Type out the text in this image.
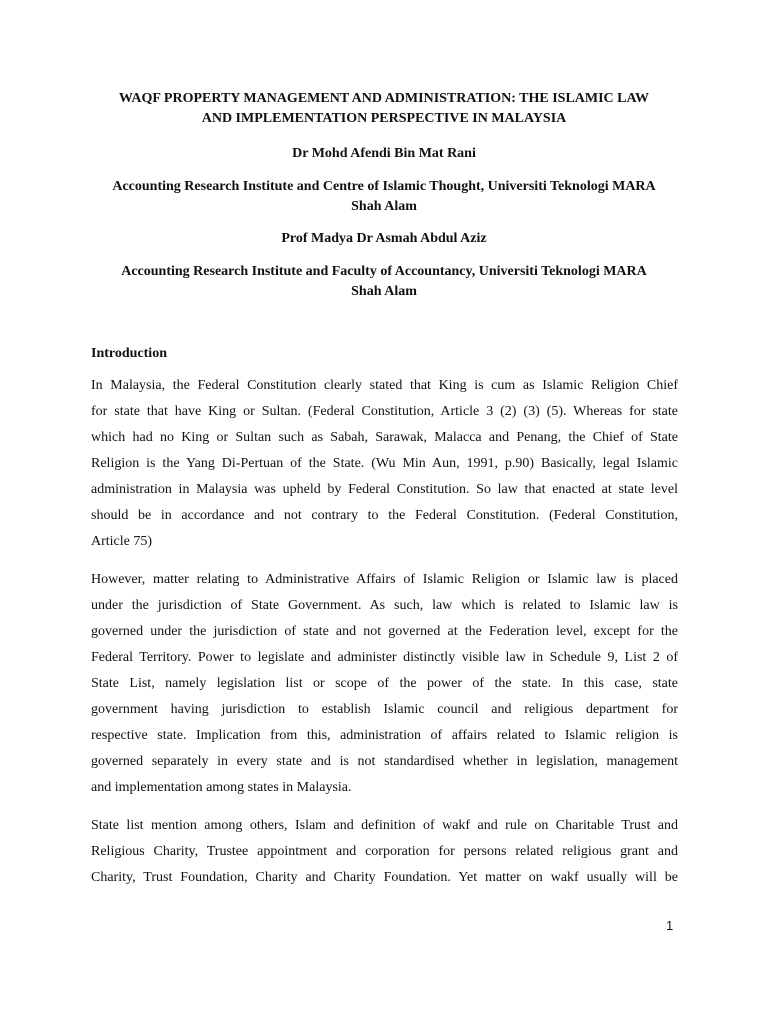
WAQF PROPERTY MANAGEMENT AND ADMINISTRATION: THE ISLAMIC LAW
AND IMPLEMENTATION PERSPECTIVE IN MALAYSIA
Dr Mohd Afendi Bin Mat Rani
Accounting Research Institute and Centre of Islamic Thought, Universiti Teknologi MARA
Shah Alam
Prof Madya Dr Asmah Abdul Aziz
Accounting Research Institute and Faculty of Accountancy, Universiti Teknologi MARA
Shah Alam
Introduction
In Malaysia, the Federal Constitution clearly stated that King is cum as Islamic Religion Chief
for state that have King or Sultan. (Federal Constitution, Article 3 (2) (3) (5). Whereas for state
which had no King or Sultan such as Sabah, Sarawak, Malacca and Penang, the Chief of State
Religion is the Yang Di-Pertuan of the State. (Wu Min Aun, 1991, p.90) Basically, legal Islamic
administration in Malaysia was upheld by Federal Constitution. So law that enacted at state level
should be in accordance and not contrary to the Federal Constitution. (Federal Constitution,
Article 75)
However, matter relating to Administrative Affairs of Islamic Religion or Islamic law is placed
under the jurisdiction of State Government. As such, law which is related to Islamic law is
governed under the jurisdiction of state and not governed at the Federation level, except for the
Federal Territory. Power to legislate and administer distinctly visible law in Schedule 9, List 2 of
State List, namely legislation list or scope of the power of the state. In this case, state
government having jurisdiction to establish Islamic council and religious department for
respective state. Implication from this, administration of affairs related to Islamic religion is
governed separately in every state and is not standardised whether in legislation, management
and implementation among states in Malaysia.
State list mention among others, Islam and definition of wakf and rule on Charitable Trust and
Religious Charity, Trustee appointment and corporation for persons related religious grant and
Charity, Trust Foundation, Charity and Charity Foundation. Yet matter on wakf usually will be
1
